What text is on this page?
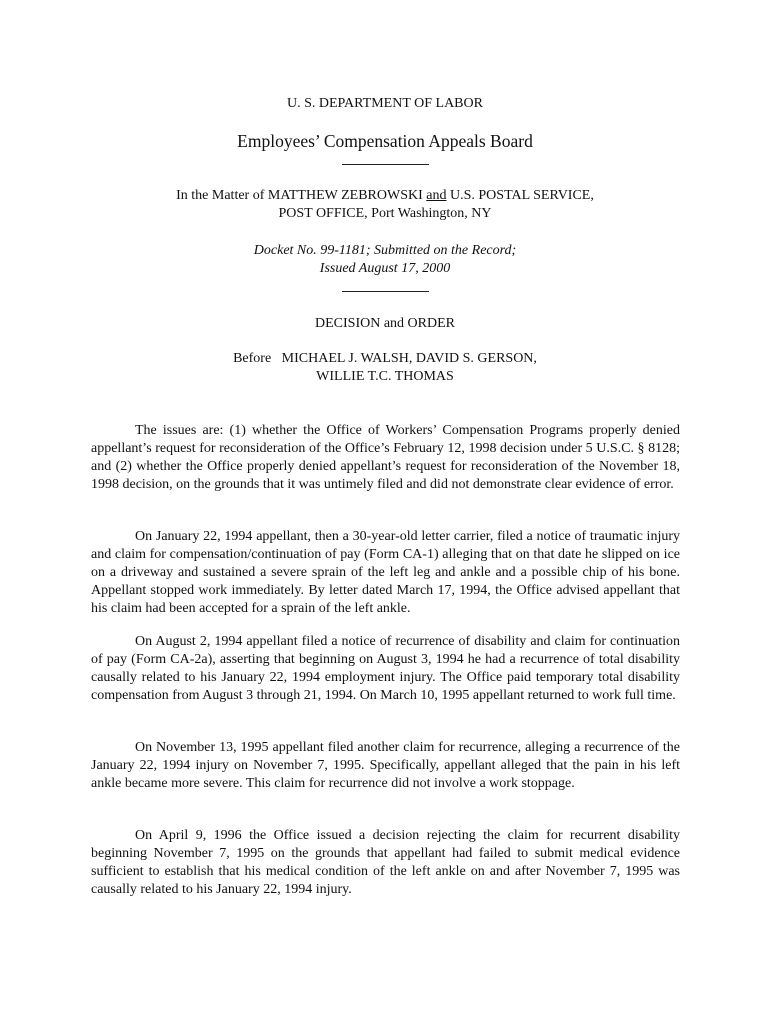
U. S. DEPARTMENT OF LABOR
Employees’ Compensation Appeals Board
In the Matter of MATTHEW ZEBROWSKI and U.S. POSTAL SERVICE,
POST OFFICE, Port Washington, NY
Docket No. 99-1181; Submitted on the Record;
Issued August 17, 2000
DECISION and ORDER
Before   MICHAEL J. WALSH, DAVID S. GERSON,
WILLIE T.C. THOMAS

The issues are: (1) whether the Office of Workers’ Compensation Programs properly denied appellant’s request for reconsideration of the Office’s February 12, 1998 decision under 5 U.S.C. § 8128; and (2) whether the Office properly denied appellant’s request for reconsideration of the November 18, 1998 decision, on the grounds that it was untimely filed and did not demonstrate clear evidence of error.

On January 22, 1994 appellant, then a 30-year-old letter carrier, filed a notice of traumatic injury and claim for compensation/continuation of pay (Form CA-1) alleging that on that date he slipped on ice on a driveway and sustained a severe sprain of the left leg and ankle and a possible chip of his bone. Appellant stopped work immediately. By letter dated March 17, 1994, the Office advised appellant that his claim had been accepted for a sprain of the left ankle.

On August 2, 1994 appellant filed a notice of recurrence of disability and claim for continuation of pay (Form CA-2a), asserting that beginning on August 3, 1994 he had a recurrence of total disability causally related to his January 22, 1994 employment injury. The Office paid temporary total disability compensation from August 3 through 21, 1994. On March 10, 1995 appellant returned to work full time.

On November 13, 1995 appellant filed another claim for recurrence, alleging a recurrence of the January 22, 1994 injury on November 7, 1995. Specifically, appellant alleged that the pain in his left ankle became more severe. This claim for recurrence did not involve a work stoppage.

On April 9, 1996 the Office issued a decision rejecting the claim for recurrent disability beginning November 7, 1995 on the grounds that appellant had failed to submit medical evidence sufficient to establish that his medical condition of the left ankle on and after November 7, 1995 was causally related to his January 22, 1994 injury.
